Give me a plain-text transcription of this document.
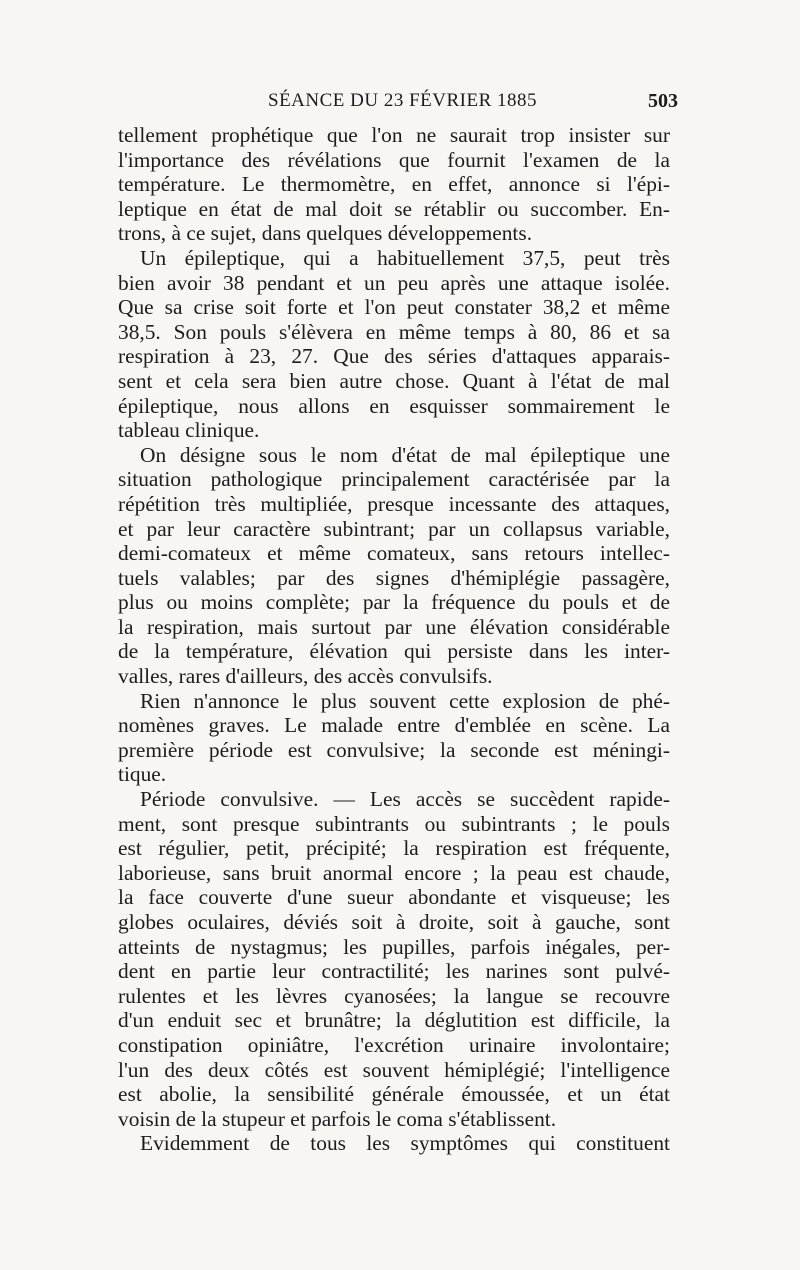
SÉANCE DU 23 FÉVRIER 1885	503
tellement prophétique que l'on ne saurait trop insister sur
l'importance des révélations que fournit l'examen de la
température. Le thermomètre, en effet, annonce si l'épi-
leptique en état de mal doit se rétablir ou succomber. En-
trons, à ce sujet, dans quelques développements.
Un épileptique, qui a habituellement 37,5, peut très
bien avoir 38 pendant et un peu après une attaque isolée.
Que sa crise soit forte et l'on peut constater 38,2 et même
38,5. Son pouls s'élèvera en même temps à 80, 86 et sa
respiration à 23, 27. Que des séries d'attaques apparais-
sent et cela sera bien autre chose. Quant à l'état de mal
épileptique, nous allons en esquisser sommairement le
tableau clinique.
On désigne sous le nom d'état de mal épileptique une
situation pathologique principalement caractérisée par la
répétition très multipliée, presque incessante des attaques,
et par leur caractère subintrant; par un collapsus variable,
demi-comateux et même comateux, sans retours intellec-
tuels valables; par des signes d'hémiplégie passagère,
plus ou moins complète; par la fréquence du pouls et de
la respiration, mais surtout par une élévation considérable
de la température, élévation qui persiste dans les inter-
valles, rares d'ailleurs, des accès convulsifs.
Rien n'annonce le plus souvent cette explosion de phé-
nomènes graves. Le malade entre d'emblée en scène. La
première période est convulsive; la seconde est méningi-
tique.
Période convulsive. — Les accès se succèdent rapide-
ment, sont presque subintrants ou subintrants ; le pouls
est régulier, petit, précipité; la respiration est fréquente,
laborieuse, sans bruit anormal encore ; la peau est chaude,
la face couverte d'une sueur abondante et visqueuse; les
globes oculaires, déviés soit à droite, soit à gauche, sont
atteints de nystagmus; les pupilles, parfois inégales, per-
dent en partie leur contractilité; les narines sont pulvé-
rulentes et les lèvres cyanosées; la langue se recouvre
d'un enduit sec et brunâtre; la déglutition est difficile, la
constipation opiniâtre, l'excrétion urinaire involontaire;
l'un des deux côtés est souvent hémiplégié; l'intelligence
est abolie, la sensibilité générale émoussée, et un état
voisin de la stupeur et parfois le coma s'établissent.
Evidemment de tous les symptômes qui constituent
